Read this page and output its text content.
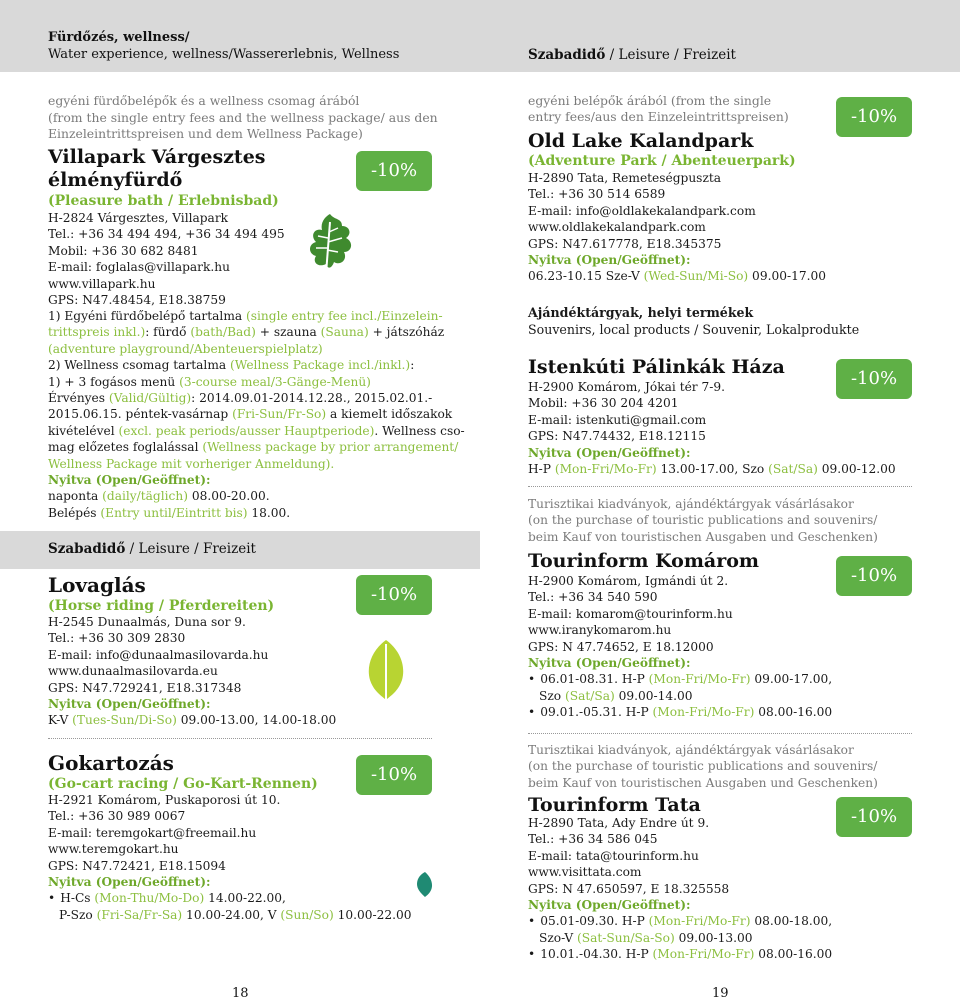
Fürdőzés, wellness/
Water experience, wellness/Wassererlebnis, Wellness
egyéni fürdőbelépők és a wellness csomag árából
(from the single entry fees and the wellness package/ aus den
Einzeleintrittspreisen und dem Wellness Package)
Villapark Várgesztes
élményfürdő	-10%
(Pleasure bath / Erlebnisbad)
H-2824 Várgesztes, Villapark
Tel.: +36 34 494 494, +36 34 494 495
Mobil: +36 30 682 8481
E-mail: foglalas@villapark.hu
www.villapark.hu
GPS: N47.48454, E18.38759
1) Egyéni fürdőbelépő tartalma (single entry fee incl./Einzelein-
trittspreis inkl.): fürdő (bath/Bad) + szauna (Sauna) + játszóház
(adventure playground/Abenteuerspielplatz)
2) Wellness csomag tartalma (Wellness Package incl./inkl.):
1) + 3 fogásos menü (3-course meal/3-Gänge-Menü)
Érvényes (Valid/Gültig): 2014.09.01-2014.12.28., 2015.02.01.-
2015.06.15. péntek-vasárnap (Fri-Sun/Fr-So) a kiemelt időszakok
kivételével (excl. peak periods/ausser Hauptperiode). Wellness cso-
mag előzetes foglalással (Wellness package by prior arrangement/
Wellness Package mit vorheriger Anmeldung).
Nyitva (Open/Geöffnet):
naponta (daily/täglich) 08.00-20.00.
Belépés (Entry until/Eintritt bis) 18.00.
Szabadidő / Leisure / Freizeit
Lovaglás	-10%
(Horse riding / Pferdereiten)
H-2545 Dunaalmás, Duna sor 9.
Tel.: +36 30 309 2830
E-mail: info@dunaalmasilovarda.hu
www.dunaalmasilovarda.eu
GPS: N47.729241, E18.317348
Nyitva (Open/Geöffnet):
K-V (Tues-Sun/Di-So) 09.00-13.00, 14.00-18.00
Gokartozás	-10%
(Go-cart racing / Go-Kart-Rennen)
H-2921 Komárom, Puskaporosi út 10.
Tel.: +36 30 989 0067
E-mail: teremgokart@freemail.hu
www.teremgokart.hu
GPS: N47.72421, E18.15094
Nyitva (Open/Geöffnet):
• H-Cs (Mon-Thu/Mo-Do) 14.00-22.00,
P-Szo (Fri-Sa/Fr-Sa) 10.00-24.00, V (Sun/So) 10.00-22.00
18
Szabadidő / Leisure / Freizeit
egyéni belépők árából (from the single
entry fees/aus den Einzeleintrittspreisen)	-10%
Old Lake Kalandpark
(Adventure Park / Abenteuerpark)
H-2890 Tata, Remeteségpuszta
Tel.: +36 30 514 6589
E-mail: info@oldlakekalandpark.com
www.oldlakekalandpark.com
GPS: N47.617778, E18.345375
Nyitva (Open/Geöffnet):
06.23-10.15 Sze-V (Wed-Sun/Mi-So) 09.00-17.00
Ajándéktárgyak, helyi termékek
Souvenirs, local products / Souvenir, Lokalprodukte
Istenkúti Pálinkák Háza
-10%
H-2900 Komárom, Jókai tér 7-9.
Mobil: +36 30 204 4201
E-mail: istenkuti@gmail.com
GPS: N47.74432, E18.12115
Nyitva (Open/Geöffnet):
H-P (Mon-Fri/Mo-Fr) 13.00-17.00, Szo (Sat/Sa) 09.00-12.00
Turisztikai kiadványok, ajándéktárgyak vásárlásakor
(on the purchase of touristic publications and souvenirs/
beim Kauf von touristischen Ausgaben und Geschenken)
Tourinform Komárom
-10%
H-2900 Komárom, Igmándi út 2.
Tel.: +36 34 540 590
E-mail: komarom@tourinform.hu
www.iranykomarom.hu
GPS: N 47.74652, E 18.12000
Nyitva (Open/Geöffnet):
• 06.01-08.31. H-P (Mon-Fri/Mo-Fr) 09.00-17.00,
Szo (Sat/Sa) 09.00-14.00
• 09.01.-05.31. H-P (Mon-Fri/Mo-Fr) 08.00-16.00
Turisztikai kiadványok, ajándéktárgyak vásárlásakor
(on the purchase of touristic publications and souvenirs/
beim Kauf von touristischen Ausgaben und Geschenken)
Tourinform Tata
-10%
H-2890 Tata, Ady Endre út 9.
Tel.: +36 34 586 045
E-mail: tata@tourinform.hu
www.visittata.com
GPS: N 47.650597, E 18.325558
Nyitva (Open/Geöffnet):
• 05.01-09.30. H-P (Mon-Fri/Mo-Fr) 08.00-18.00,
Szo-V (Sat-Sun/Sa-So) 09.00-13.00
• 10.01.-04.30. H-P (Mon-Fri/Mo-Fr) 08.00-16.00
19
